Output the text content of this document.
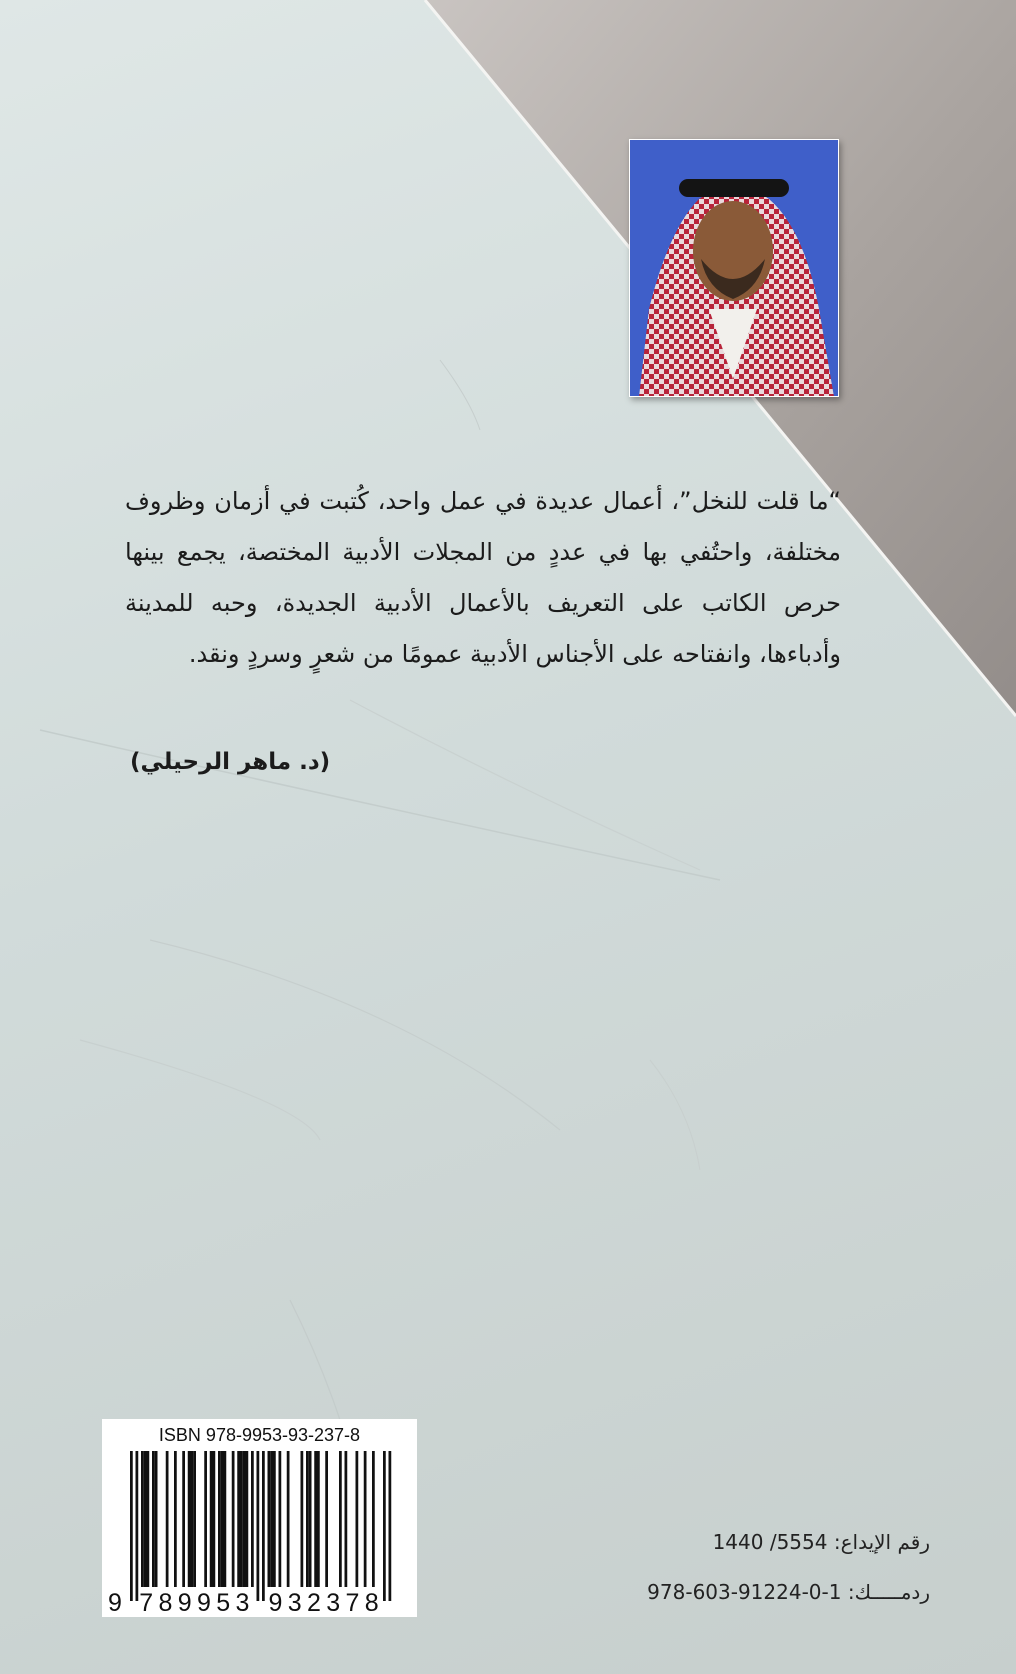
“ما قلت للنخل”، أعمال عديدة في عمل واحد، كُتبت في أزمان وظروف مختلفة، واحتُفي بها في عددٍ من المجلات الأدبية المختصة، يجمع بينها حرص الكاتب على التعريف بالأعمال الأدبية الجديدة، وحبه للمدينة وأدباءها، وانفتاحه على الأجناس الأدبية عمومًا من شعرٍ وسردٍ ونقد.

(د. ماهر الرحيلي)
ISBN 978-9953-93-237-8
9 7 8 9 9 5 3 9 3 2 3 7 8
رقم الإيداع: 1440 /5554
ردمـــــك: 978-603-91224-0-1
